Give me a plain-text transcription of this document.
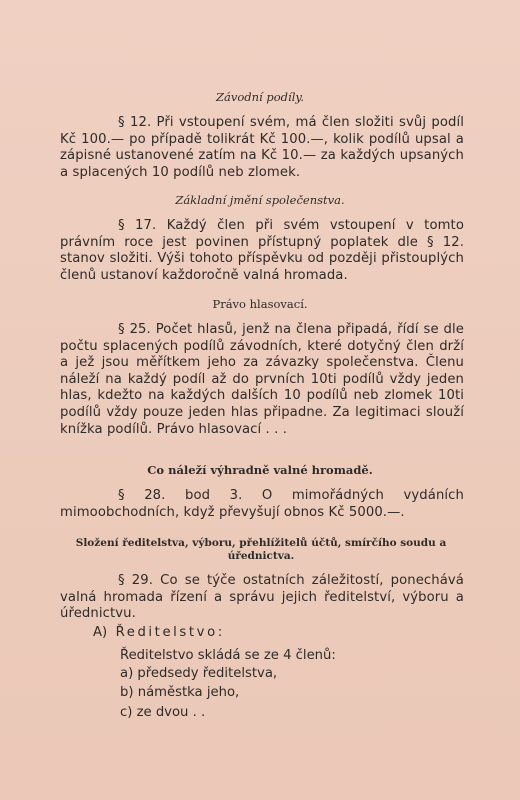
Závodní podíly.
§ 12. Při vstoupení svém, má člen složiti svůj podíl Kč 100.— po případě tolikrát Kč 100.—, kolik podílů upsal a zápisné ustanovené zatím na Kč 10.— za každých upsaných a splacených 10 podílů neb zlomek.
Základní jmění společenstva.
§ 17. Každý člen při svém vstoupení v tomto právním roce jest povinen přístupný poplatek dle § 12. stanov složiti. Výši tohoto příspěvku od později přistouplých členů ustanoví každoročně valná hromada.
Právo hlasovací.
§ 25. Počet hlasů, jenž na člena připadá, řídí se dle počtu splacených podílů závodních, které dotyčný člen drží a jež jsou měřítkem jeho za závazky společenstva. Členu náleží na každý podíl až do prvních 10ti podílů vždy jeden hlas, kdežto na každých dalších 10 podílů neb zlomek 10ti podílů vždy pouze jeden hlas připadne. Za legitimaci slouží knížka podílů. Právo hlasovací . . .
Co náleží výhradně valné hromadě.
§ 28. bod 3. O mimořádných vydáních mimoobchodních, když převyšují obnos Kč 5000.—.
Složení ředitelstva, výboru, přehlížitelů účtů, smírčího soudu a úřednictva.
§ 29. Co se týče ostatních záležitostí, ponechává valná hromada řízení a správu jejich ředitelství, výboru a úřednictvu.
A) Ředitelstvo:
Ředitelstvo skládá se ze 4 členů:
a) předsedy ředitelstva,
b) náměstka jeho,
c) ze dvou . .
